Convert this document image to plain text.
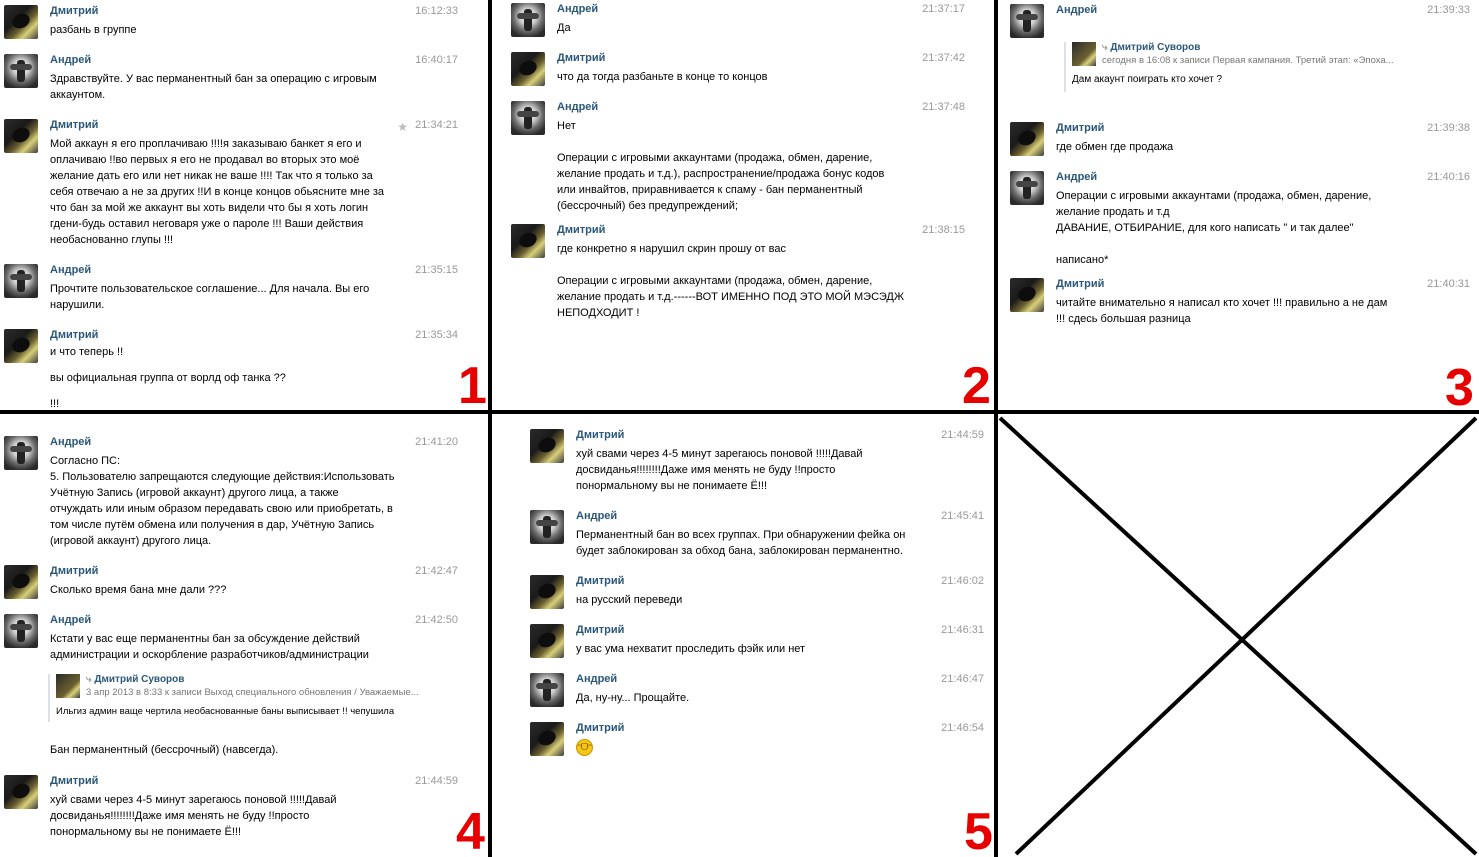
Дмитрий	16:12:33
разбань в группе
Андрей	16:40:17
Здравствуйте. У вас перманентный бан за операцию с игровым
аккаунтом.
Дмитрий	★ 21:34:21
Мой аккаун я его проплачиваю !!!!я заказываю банкет я его и
оплачиваю !!во первых я его не продавал во вторых это моё
желание дать его или нет никак не ваше !!!! Так что я только за
себя отвечаю а не за других !!И в конце концов обьясните мне за
что бан за мой же аккаунт вы хоть видели что бы я хоть логин
гдени-будь оставил неговаря уже о пароле !!! Ваши действия
необаснованно глупы !!!
Андрей	21:35:15
Прочтите пользовательское соглашение... Для начала. Вы его
нарушили.
Дмитрий	21:35:34
и что теперь !!

вы официальная группа от ворлд оф танка ??

!!!	1
Андрей	21:37:17
Да
Дмитрий	21:37:42
что да тогда разбаньте в конце то концов
Андрей	21:37:48
Нет

Операции с игровыми аккаунтами (продажа, обмен, дарение,
желание продать и т.д.), распространение/продажа бонус кодов
или инвайтов, приравнивается к спаму - бан перманентный
(бессрочный) без предупреждений;
Дмитрий	21:38:15
где конкретно я нарушил скрин прошу от вас

Операции с игровыми аккаунтами (продажа, обмен, дарение,
желание продать и т.д.------ВОТ ИМЕННО ПОД ЭТО МОЙ МЭСЭДЖ
НЕПОДХОДИТ !
2
Андрей	21:39:33
⤷ Дмитрий Суворов
сегодня в 16:08 к записи Первая кампания. Третий этап: «Эпоха...
Дам акаунт поиграть кто хочет ?
Дмитрий	21:39:38
где обмен где продажа
Андрей	21:40:16
Операции с игровыми аккаунтами (продажа, обмен, дарение,
желание продать и т.д
ДАВАНИЕ, ОТБИРАНИЕ, для кого написать " и так далее"

написано*
Дмитрий	21:40:31
читайте внимательно я написал кто хочет !!! правильно а не дам
!!! сдесь большая разница
3
Андрей	21:41:20
Согласно ПС:
5. Пользователю запрещаются следующие действия:Использовать
Учётную Запись (игровой аккаунт) другого лица, а также
отчуждать или иным образом передавать свою или приобретать, в
том числе путём обмена или получения в дар, Учётную Запись
(игровой аккаунт) другого лица.
Дмитрий	21:42:47
Сколько время бана мне дали ???
Андрей	21:42:50
Кстати у вас еще перманентны бан за обсуждение действий
администрации и оскорбление разработчиков/администрации
⤷ Дмитрий Суворов
3 апр 2013 в 8:33 к записи Выход специального обновления / Уважаемые...
Ильгиз админ ваще чертила необаснованные баны выписывает !! чепушила
Бан перманентный (бессрочный) (навсегда).
Дмитрий	21:44:59
хуй свами через 4-5 минут зарегаюсь поновой !!!!!Давай
досвиданья!!!!!!!!Даже имя менять не буду !!просто
понормальному вы не понимаете Ё!!!	4
Дмитрий	21:44:59
хуй свами через 4-5 минут зарегаюсь поновой !!!!!Давай
досвиданья!!!!!!!!Даже имя менять не буду !!просто
понормальному вы не понимаете Ё!!!
Андрей	21:45:41
Перманентный бан во всех группах. При обнаружении фейка он
будет заблокирован за обход бана, заблокирован перманентно.
Дмитрий	21:46:02
на русский переведи
Дмитрий	21:46:31
у вас ума нехватит проследить фэйк или нет
Андрей	21:46:47
Да, ну-ну... Прощайте.
Дмитрий	21:46:54
ᵔᗜᵔ
5
